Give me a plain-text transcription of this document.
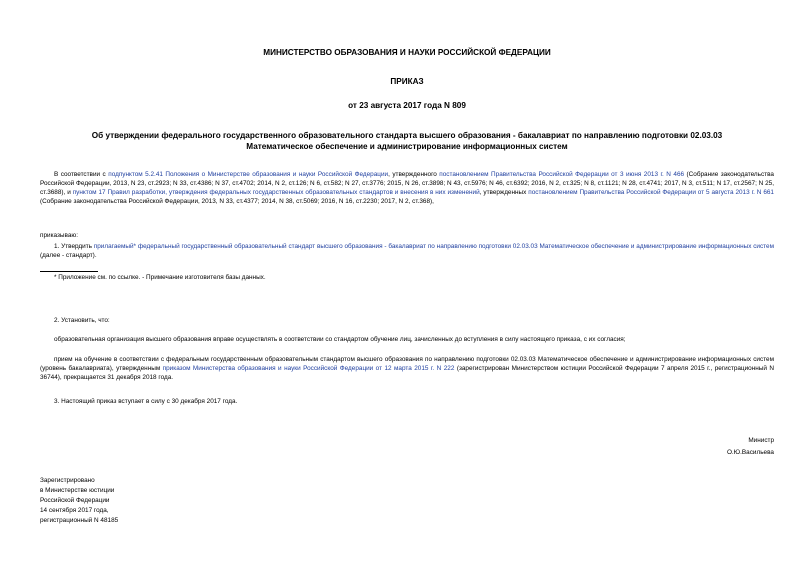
МИНИСТЕРСТВО ОБРАЗОВАНИЯ И НАУКИ РОССИЙСКОЙ ФЕДЕРАЦИИ
ПРИКАЗ
от 23 августа 2017 года N 809
Об утверждении федерального государственного образовательного стандарта высшего образования - бакалавриат по направлению подготовки 02.03.03
Математическое обеспечение и администрирование информационных систем
В соответствии с подпунктом 5.2.41 Положения о Министерстве образования и науки Российской Федерации, утвержденного постановлением Правительства Российской Федерации от 3 июня 2013 г. N 466 (Собрание законодательства Российской Федерации, 2013, N 23, ст.2923; N 33, ст.4386; N 37, ст.4702; 2014, N 2, ст.126; N 6, ст.582; N 27, ст.3776; 2015, N 26, ст.3898; N 43, ст.5976; N 46, ст.6392; 2016, N 2, ст.325; N 8, ст.1121; N 28, ст.4741; 2017, N 3, ст.511; N 17, ст.2567; N 25, ст.3688), и пунктом 17 Правил разработки, утверждения федеральных государственных образовательных стандартов и внесения в них изменений, утвержденных постановлением Правительства Российской Федерации от 5 августа 2013 г. N 661 (Собрание законодательства Российской Федерации, 2013, N 33, ст.4377; 2014, N 38, ст.5069; 2016, N 16, ст.2230; 2017, N 2, ст.368),
приказываю:
1. Утвердить прилагаемый* федеральный государственный образовательный стандарт высшего образования - бакалавриат по направлению подготовки 02.03.03 Математическое обеспечение и администрирование информационных систем (далее - стандарт).
* Приложение см. по ссылке. - Примечание изготовителя базы данных.
2. Установить, что:
образовательная организация высшего образования вправе осуществлять в соответствии со стандартом обучение лиц, зачисленных до вступления в силу настоящего приказа, с их согласия;
прием на обучение в соответствии с федеральным государственным образовательным стандартом высшего образования по направлению подготовки 02.03.03 Математическое обеспечение и администрирование информационных систем (уровень бакалавриата), утвержденным приказом Министерства образования и науки Российской Федерации от 12 марта 2015 г. N 222 (зарегистрирован Министерством юстиции Российской Федерации 7 апреля 2015 г., регистрационный N 36744), прекращается 31 декабря 2018 года.
3. Настоящий приказ вступает в силу с 30 декабря 2017 года.
Министр
О.Ю.Васильева
Зарегистрировано
в Министерстве юстиции
Российской Федерации
14 сентября 2017 года,
регистрационный N 48185
